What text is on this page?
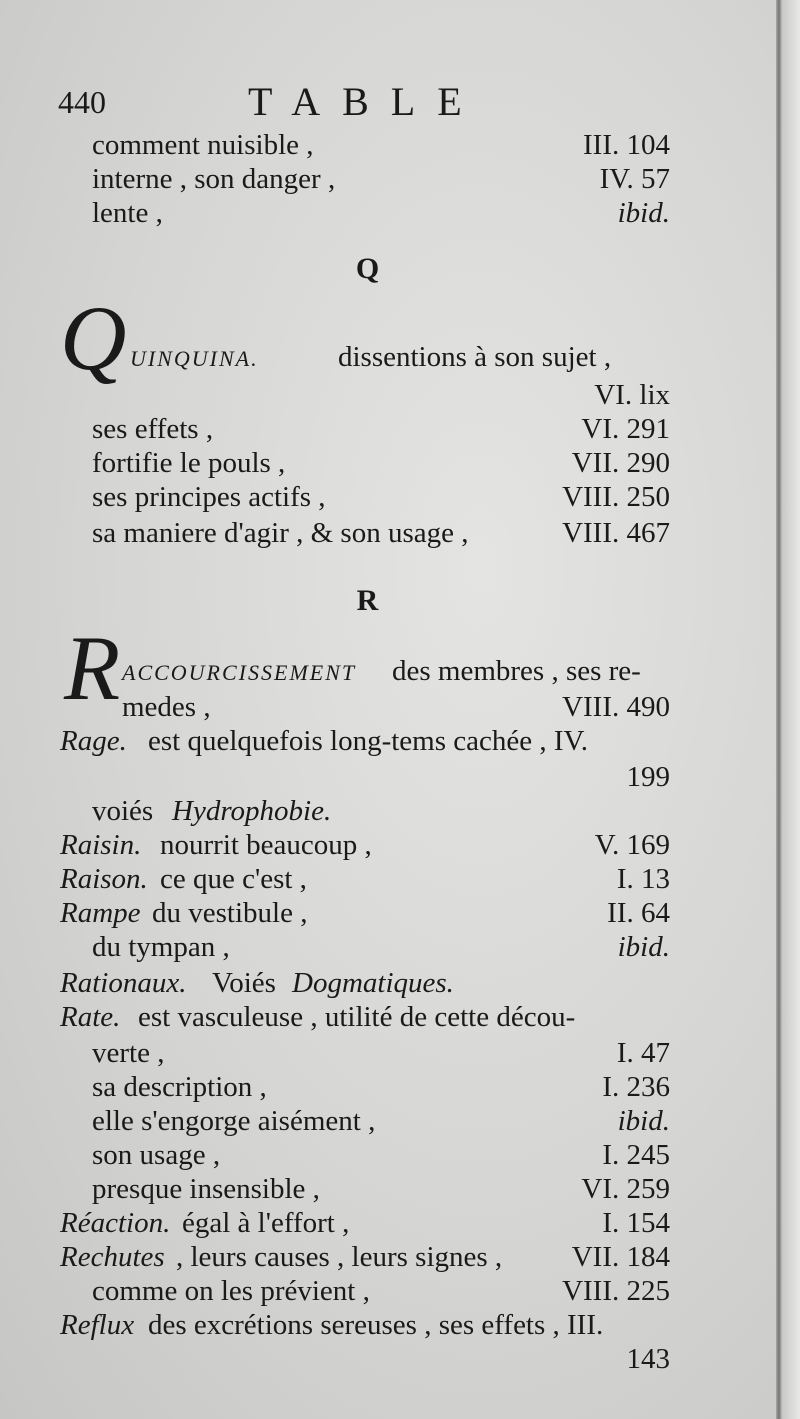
440	TABLE
comment nuisible ,	III. 104
interne , son danger ,	IV. 57
lente ,	ibid.
Q
Q UINQUINA.	dissentions à son sujet ,
VI. lix
ses effets ,	VI. 291
fortifie le pouls ,	VII. 290
ses principes actifs ,	VIII. 250
sa maniere d'agir , & son usage ,	VIII. 467
R
R ACCOURCISSEMENT des membres , ses re-
medes ,	VIII. 490
Rage. est quelquefois long-tems cachée , IV.
199
voiés Hydrophobie.
Raisin. nourrit beaucoup ,	V. 169
Raison. ce que c'est ,	I. 13
Rampe du vestibule ,	II. 64
du tympan ,	ibid.
Rationaux. Voiés Dogmatiques.
Rate. est vasculeuse , utilité de cette décou-
verte ,	I. 47
sa description ,	I. 236
elle s'engorge aisément ,	ibid.
son usage ,	I. 245
presque insensible ,	VI. 259
Réaction. égal à l'effort ,	I. 154
Rechutes , leurs causes , leurs signes , VII. 184
comme on les prévient ,	VIII. 225
Reflux des excrétions sereuses , ses effets , III.
143
